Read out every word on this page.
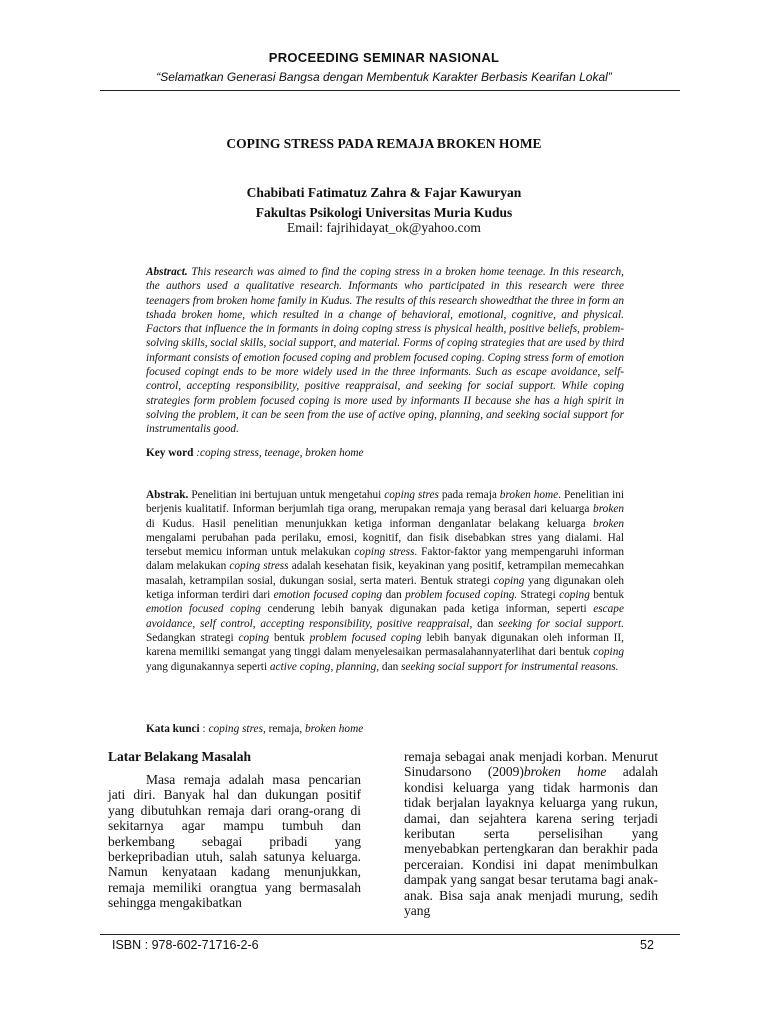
PROCEEDING SEMINAR NASIONAL
“Selamatkan Generasi Bangsa dengan Membentuk Karakter Berbasis Kearifan Lokal”
COPING STRESS PADA REMAJA BROKEN HOME
Chabibati Fatimatuz Zahra & Fajar Kawuryan
Fakultas Psikologi Universitas Muria Kudus
Email: fajrihidayat_ok@yahoo.com
Abstract. This research was aimed to find the coping stress in a broken home teenage. In this research, the authors used a qualitative research. Informants who participated in this research were three teenagers from broken home family in Kudus. The results of this research showedthat the three in form an tshada broken home, which resulted in a change of behavioral, emotional, cognitive, and physical. Factors that influence the in formants in doing coping stress is physical health, positive beliefs, problem-solving skills, social skills, social support, and material. Forms of coping strategies that are used by third informant consists of emotion focused coping and problem focused coping. Coping stress form of emotion focused copingt ends to be more widely used in the three informants. Such as escape avoidance, self-control, accepting responsibility, positive reappraisal, and seeking for social support. While coping strategies form problem focused coping is more used by informants II because she has a high spirit in solving the problem, it can be seen from the use of active oping, planning, and seeking social support for instrumentalis good.
Key word :coping stress, teenage, broken home
Abstrak. Penelitian ini bertujuan untuk mengetahui coping stres pada remaja broken home. Penelitian ini berjenis kualitatif. Informan berjumlah tiga orang, merupakan remaja yang berasal dari keluarga broken di Kudus. Hasil penelitian menunjukkan ketiga informan denganlatar belakang keluarga broken mengalami perubahan pada perilaku, emosi, kognitif, dan fisik disebabkan stres yang dialami. Hal tersebut memicu informan untuk melakukan coping stress. Faktor-faktor yang mempengaruhi informan dalam melakukan coping stress adalah kesehatan fisik, keyakinan yang positif, ketrampilan memecahkan masalah, ketrampilan sosial, dukungan sosial, serta materi. Bentuk strategi coping yang digunakan oleh ketiga informan terdiri dari emotion focused coping dan problem focused coping. Strategi coping bentuk emotion focused coping cenderung lebih banyak digunakan pada ketiga informan, seperti escape avoidance, self control, accepting responsibility, positive reappraisal, dan seeking for social support. Sedangkan strategi coping bentuk problem focused coping lebih banyak digunakan oleh informan II, karena memiliki semangat yang tinggi dalam menyelesaikan permasalahannyaterlihat dari bentuk coping yang digunakannya seperti active coping, planning, dan seeking social support for instrumental reasons.
Kata kunci : coping stres, remaja, broken home
Latar Belakang Masalah
Masa remaja adalah masa pencarian jati diri. Banyak hal dan dukungan positif yang dibutuhkan remaja dari orang-orang di sekitarnya agar mampu tumbuh dan berkembang sebagai pribadi yang berkepribadian utuh, salah satunya keluarga. Namun kenyataan kadang menunjukkan, remaja memiliki orangtua yang bermasalah sehingga mengakibatkan
remaja sebagai anak menjadi korban. Menurut Sinudarsono (2009)broken home adalah kondisi keluarga yang tidak harmonis dan tidak berjalan layaknya keluarga yang rukun, damai, dan sejahtera karena sering terjadi keributan serta perselisihan yang menyebabkan pertengkaran dan berakhir pada perceraian. Kondisi ini dapat menimbulkan dampak yang sangat besar terutama bagi anak-anak. Bisa saja anak menjadi murung, sedih yang
ISBN : 978-602-71716-2-6	52
